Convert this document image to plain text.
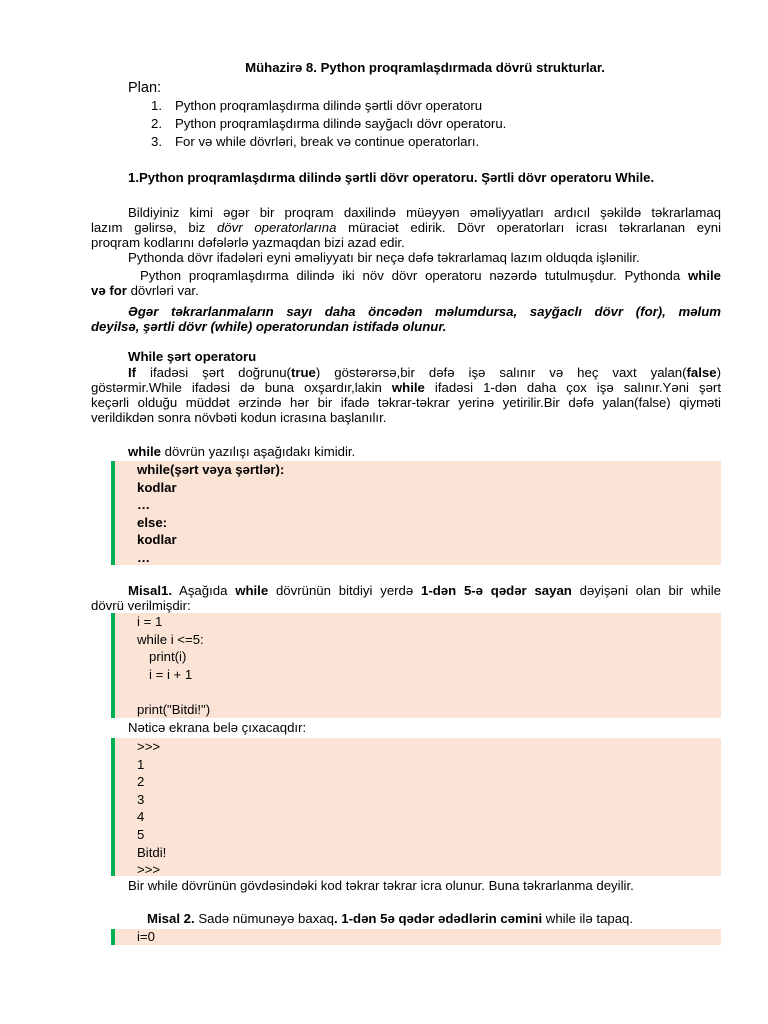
Mühazirə 8. Python proqramlaşdırmada dövrü strukturlar.
Plan:
1. Python proqramlaşdırma dilində şərtli dövr operatoru
2. Python proqramlaşdırma dilində sayğaclı dövr operatoru.
3. For və while dövrləri, break və continue operatorları.
1.Python proqramlaşdırma dilində şərtli dövr operatoru. Şərtli dövr operatoru While.
Bildiyiniz kimi əgər bir proqram daxilində müəyyən əməliyyatları ardıcıl şəkildə təkrarlamaq
lazım gəlirsə, biz dövr operatorlarına müraciət edirik. Dövr operatorları icrası təkrarlanan eyni
proqram kodlarını dəfələrlə yazmaqdan bizi azad edir.
Pythonda dövr ifadələri eyni əməliyyatı bir neçə dəfə təkrarlamaq lazım olduqda işlənilir.
Python proqramlaşdırma dilində iki növ dövr operatoru nəzərdə tutulmuşdur. Pythonda while
və for dövrləri var.
Əgər təkrarlanmaların sayı daha öncədən məlumdursa, sayğaclı dövr (for), məlum
deyilsə, şərtli dövr (while) operatorundan istifadə olunur.
While şərt operatoru
If ifadəsi şərt doğrunu(true) göstərərsə,bir dəfə işə salınır və heç vaxt yalan(false)
göstərmir.While ifadəsi də buna oxşardır,lakin while ifadəsi 1-dən daha çox işə salınır.Yəni şərt
keçərli olduğu müddət ərzində hər bir ifadə təkrar-təkrar yerinə yetirilir.Bir dəfə yalan(false) qiyməti
verildikdən sonra növbəti kodun icrasına başlanılır.
while dövrün yazılışı aşağıdakı kimidir.
while(şərt vəya şərtlər):
kodlar
…
else:
kodlar
…
Misal1. Aşağıda while dövrünün bitdiyi yerdə 1-dən 5-ə qədər sayan dəyişəni olan bir while
dövrü verilmişdir:
i = 1
while i <=5:
print(i)
i = i + 1
print("Bitdi!")
Nəticə ekrana belə çıxacaqdır:
>>>
1
2
3
4
5
Bitdi!
>>>
Bir while dövrünün gövdəsindəki kod təkrar təkrar icra olunur. Buna təkrarlanma deyilir.
Misal 2. Sadə nümunəyə baxaq. 1-dən 5ə qədər ədədlərin cəmini while ilə tapaq.
i=0
